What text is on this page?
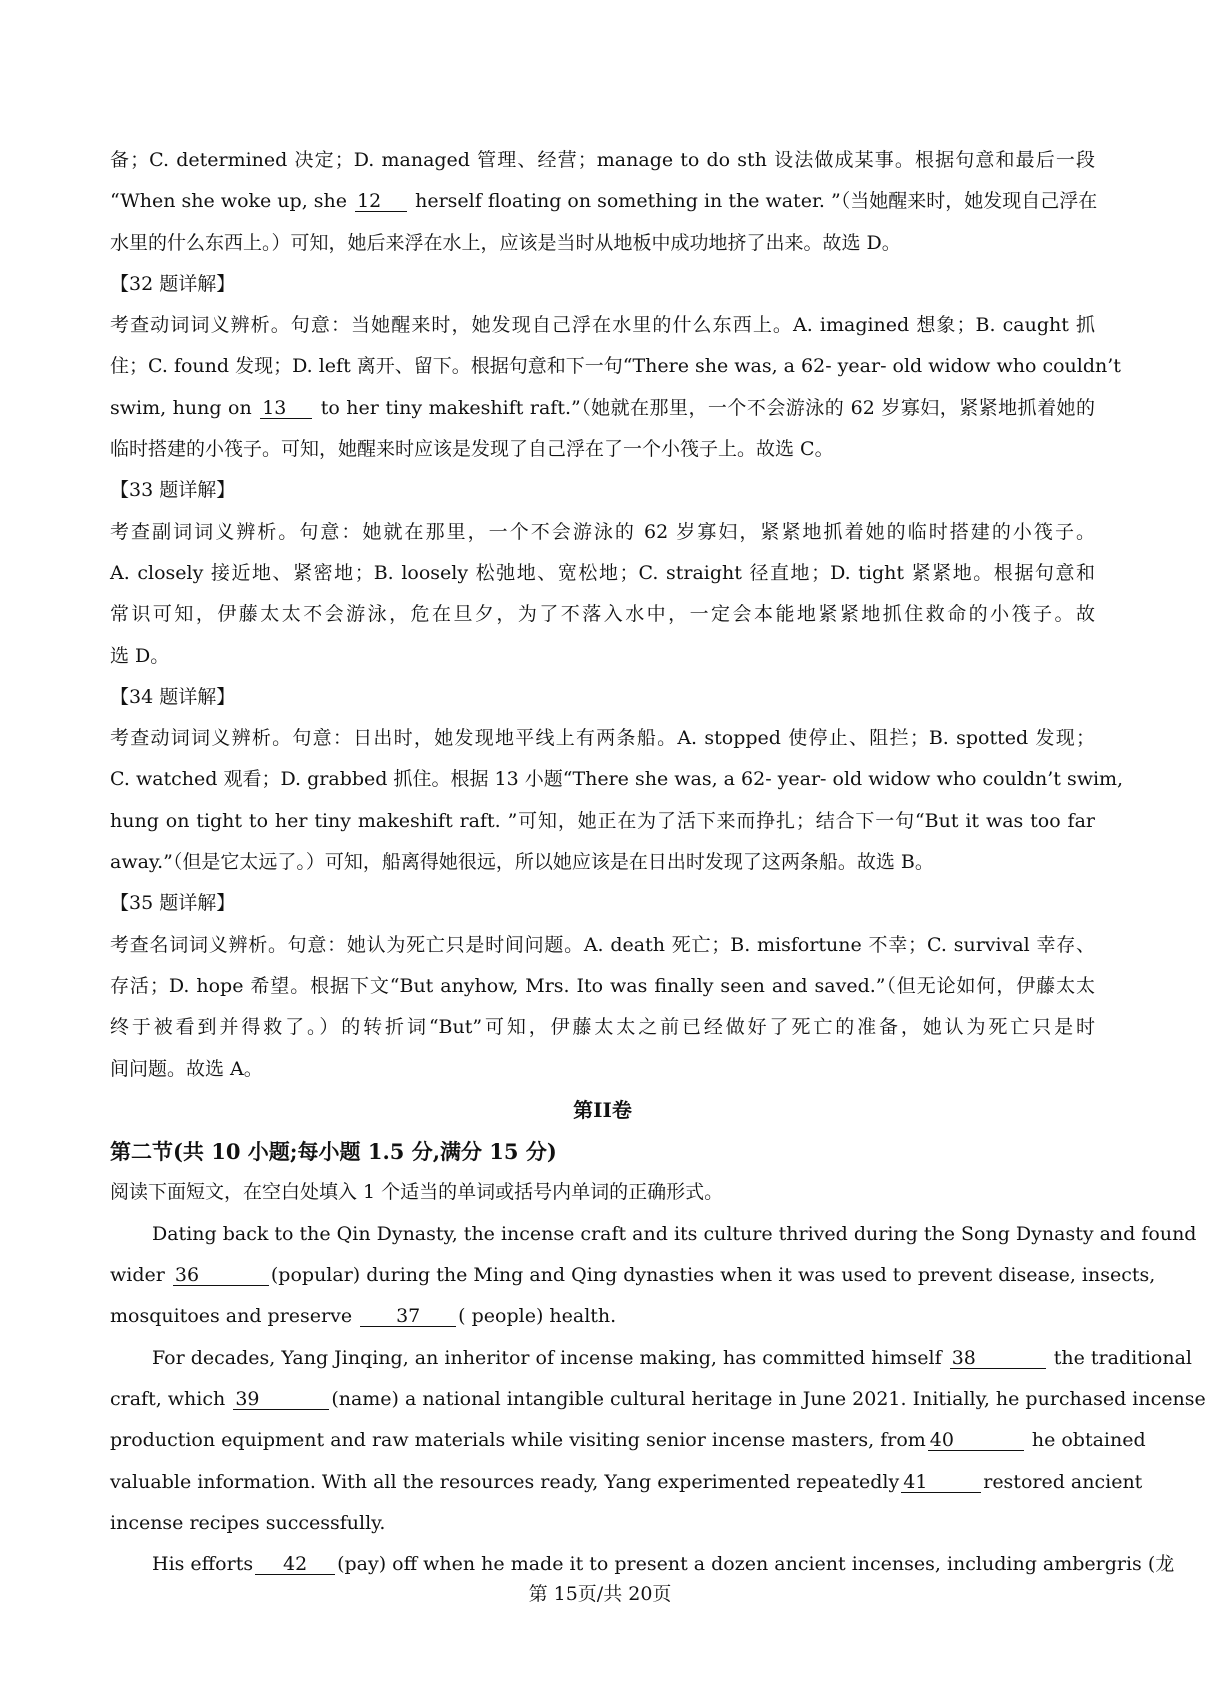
备；C. determined 决定；D. managed 管理、经营；manage to do sth 设法做成某事。根据句意和最后一段

“When she woke up, she 12 herself floating on something in the water. ”（当她醒来时，她发现自己浮在

水里的什么东西上。）可知，她后来浮在水上，应该是当时从地板中成功地挤了出来。故选 D。

【32 题详解】

考查动词词义辨析。句意：当她醒来时，她发现自己浮在水里的什么东西上。A. imagined 想象；B. caught 抓

住；C. found 发现；D. left 离开、留下。根据句意和下一句“There she was, a 62- year- old widow who couldn’t

swim, hung on 13 to her tiny makeshift raft.”（她就在那里，一个不会游泳的 62 岁寡妇，紧紧地抓着她的

临时搭建的小筏子。可知，她醒来时应该是发现了自己浮在了一个小筏子上。故选 C。

【33 题详解】

考查副词词义辨析。句意：她就在那里，一个不会游泳的 62 岁寡妇，紧紧地抓着她的临时搭建的小筏子。

A. closely 接近地、紧密地；B. loosely 松弛地、宽松地；C. straight 径直地；D. tight 紧紧地。根据句意和

常识可知，伊藤太太不会游泳，危在旦夕，为了不落入水中，一定会本能地紧紧地抓住救命的小筏子。故

选 D。

【34 题详解】

考查动词词义辨析。句意：日出时，她发现地平线上有两条船。A. stopped 使停止、阻拦；B. spotted 发现；

C. watched 观看；D. grabbed 抓住。根据 13 小题“There she was, a 62- year- old widow who couldn’t swim,

hung on tight to her tiny makeshift raft. ”可知，她正在为了活下来而挣扎；结合下一句“But it was too far

away.”（但是它太远了。）可知，船离得她很远，所以她应该是在日出时发现了这两条船。故选 B。

【35 题详解】

考查名词词义辨析。句意：她认为死亡只是时间问题。A. death 死亡；B. misfortune 不幸；C. survival 幸存、

存活；D. hope 希望。根据下文“But anyhow, Mrs. Ito was finally seen and saved.”（但无论如何，伊藤太太

终于被看到并得救了。）的转折词“But”可知，伊藤太太之前已经做好了死亡的准备，她认为死亡只是时

间问题。故选 A。

第II卷

第二节(共 10 小题;每小题 1.5 分,满分 15 分)

阅读下面短文，在空白处填入 1 个适当的单词或括号内单词的正确形式。

Dating back to the Qin Dynasty, the incense craft and its culture thrived during the Song Dynasty and found

wider 36	(popular) during the Ming and Qing dynasties when it was used to prevent disease, insects,

mosquitoes and preserve 37 ( people) health.

For decades, Yang Jinqing, an inheritor of incense making, has committed himself 38	the traditional

craft, which 39	(name) a national intangible cultural heritage in June 2021. Initially, he purchased incense

production equipment and raw materials while visiting senior incense masters, from 40	he obtained

valuable information. With all the resources ready, Yang experimented repeatedly 41	restored ancient

incense recipes successfully.

His efforts 42 (pay) off when he made it to present a dozen ancient incenses, including ambergris (龙

第 15页/共 20页
